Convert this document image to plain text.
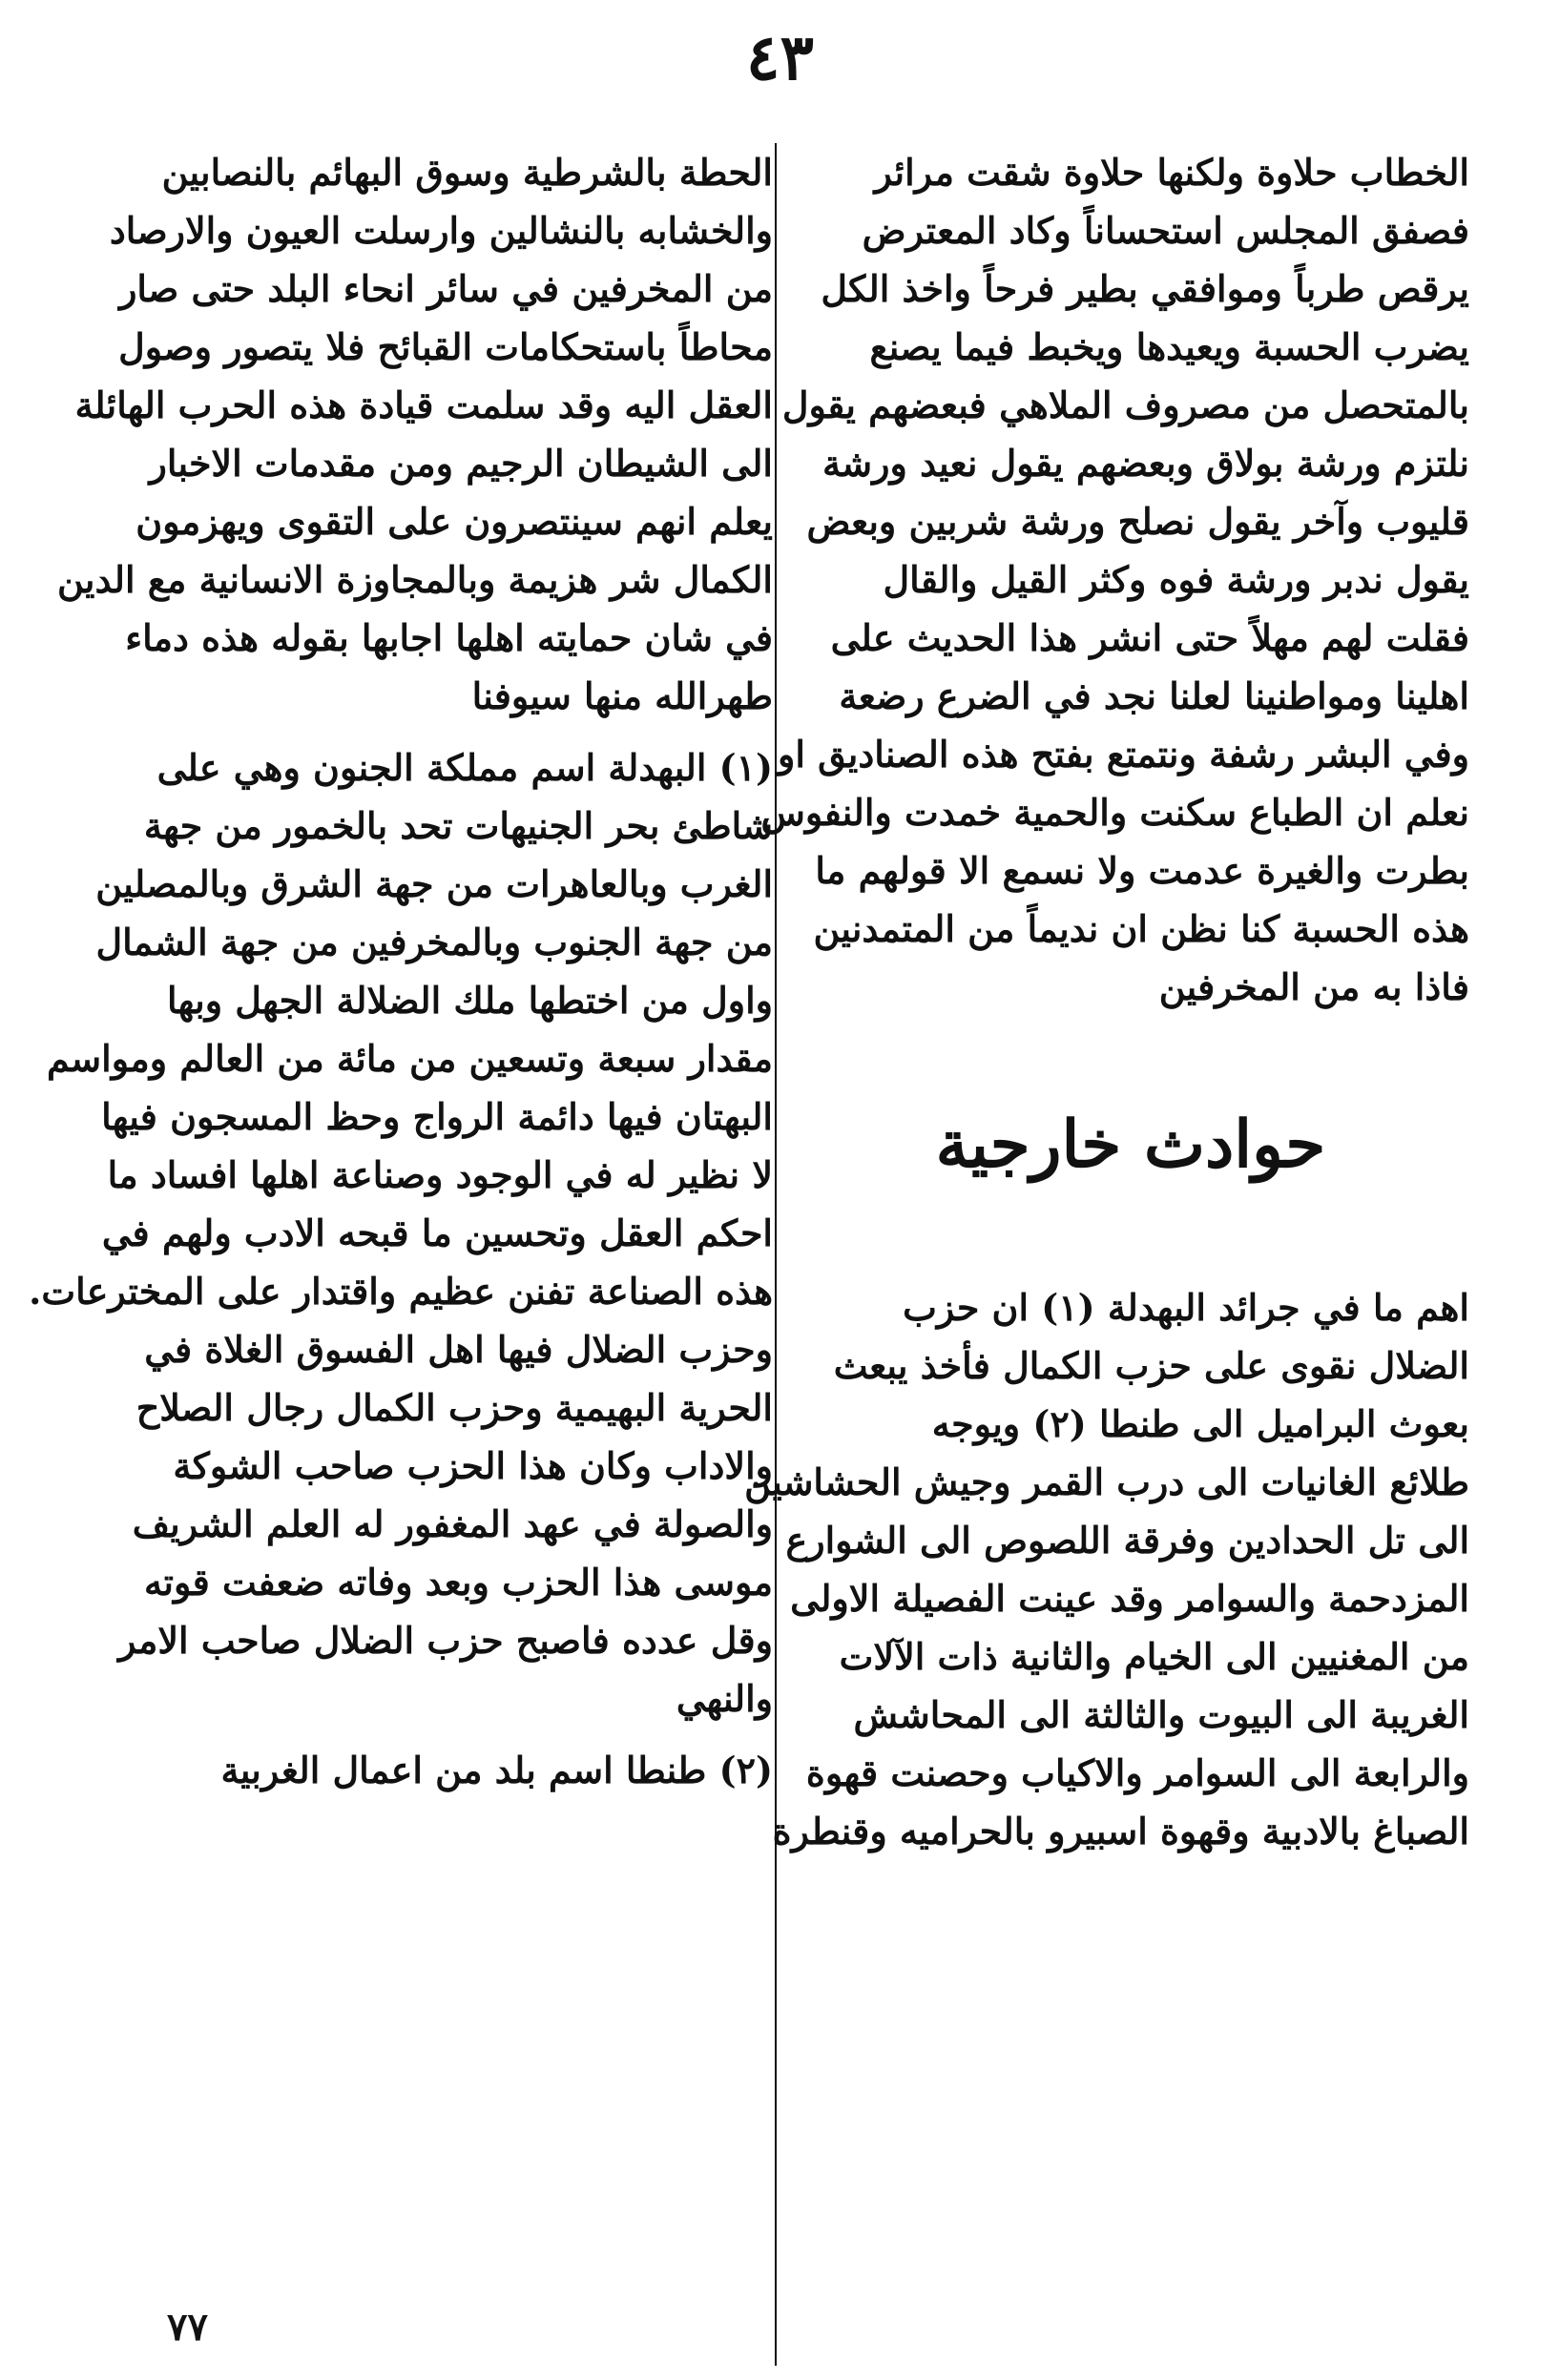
٤٣
الخطاب حلاوة ولكنها حلاوة شقت مرائر
فصفق المجلس استحساناً وكاد المعترض
يرقص طرباً وموافقي بطير فرحاً واخذ الكل
يضرب الحسبة ويعيدها ويخبط فيما يصنع
بالمتحصل من مصروف الملاهي فبعضهم يقول
نلتزم ورشة بولاق وبعضهم يقول نعيد ورشة
قليوب وآخر يقول نصلح ورشة شربين وبعض
يقول ندبر ورشة فوه وكثر القيل والقال
فقلت لهم مهلاً حتى انشر هذا الحديث على
اهلينا ومواطنينا لعلنا نجد في الضرع رضعة
وفي البشر رشفة ونتمتع بفتح هذه الصناديق او
نعلم ان الطباع سكنت والحمية خمدت والنفوس
بطرت والغيرة عدمت ولا نسمع الا قولهم ما
هذه الحسبة كنا نظن ان نديماً من المتمدنين
فاذا به من المخرفين
حوادث خارجية
اهم ما في جرائد البهدلة (١) ان حزب
الضلال نقوى على حزب الكمال فأخذ يبعث
بعوث البراميل الى طنطا (٢) ويوجه
طلائع الغانيات الى درب القمر وجيش الحشاشين
الى تل الحدادين وفرقة اللصوص الى الشوارع
المزدحمة والسوامر وقد عينت الفصيلة الاولى
من المغنيين الى الخيام والثانية ذات الآلات
الغريبة الى البيوت والثالثة الى المحاشش
والرابعة الى السوامر والاكياب وحصنت قهوة
الصباغ بالادبية وقهوة اسبيرو بالحراميه وقنطرة
الحطة بالشرطية وسوق البهائم بالنصابين
والخشابه بالنشالين وارسلت العيون والارصاد
من المخرفين في سائر انحاء البلد حتى صار
محاطاً باستحكامات القبائح فلا يتصور وصول
العقل اليه وقد سلمت قيادة هذه الحرب الهائلة
الى الشيطان الرجيم ومن مقدمات الاخبار
يعلم انهم سينتصرون على التقوى ويهزمون
الكمال شر هزيمة وبالمجاوزة الانسانية مع الدين
في شان حمايته اهلها اجابها بقوله هذه دماء
طهرالله منها سيوفنا
(١) البهدلة اسم مملكة الجنون وهي على
شاطئ بحر الجنيهات تحد بالخمور من جهة
الغرب وبالعاهرات من جهة الشرق وبالمصلين
من جهة الجنوب وبالمخرفين من جهة الشمال
واول من اختطها ملك الضلالة الجهل وبها
مقدار سبعة وتسعين من مائة من العالم ومواسم
البهتان فيها دائمة الرواج وحظ المسجون فيها
لا نظير له في الوجود وصناعة اهلها افساد ما
احكم العقل وتحسين ما قبحه الادب ولهم في
هذه الصناعة تفنن عظيم واقتدار على المخترعات.
وحزب الضلال فيها اهل الفسوق الغلاة في
الحرية البهيمية وحزب الكمال رجال الصلاح
والاداب وكان هذا الحزب صاحب الشوكة
والصولة في عهد المغفور له العلم الشريف
موسى هذا الحزب وبعد وفاته ضعفت قوته
وقل عدده فاصبح حزب الضلال صاحب الامر
والنهي
(٢) طنطا اسم بلد من اعمال الغربية
٧٧
